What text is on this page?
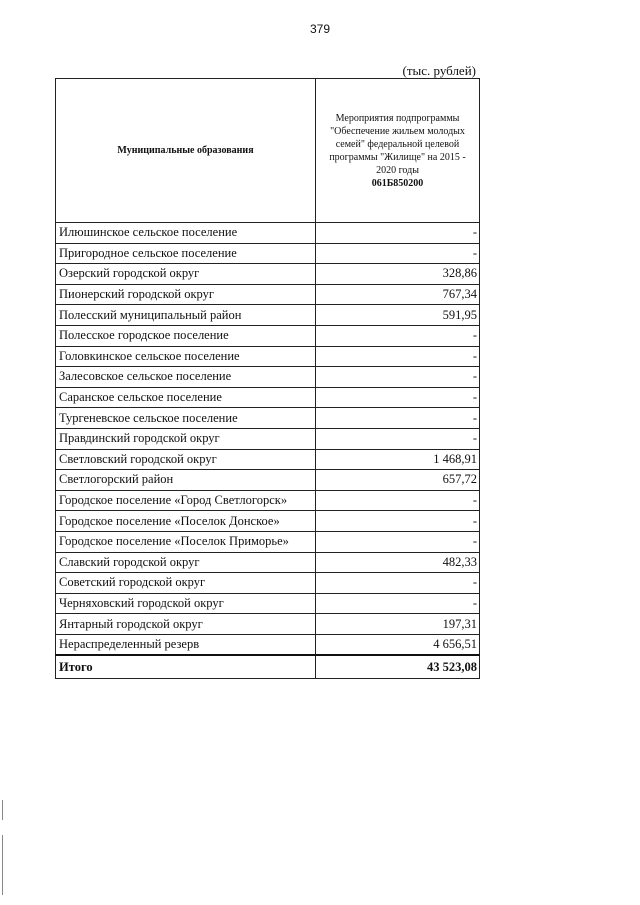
379
(тыс. рублей)
Муниципальные образования	Мероприятия подпрограммы "Обеспечение жильем молодых семей" федеральной целевой программы "Жилище" на 2015 - 2020 годы
061Б850200

Илюшинское сельское поселение	-
Пригородное сельское поселение	-
Озерский городской округ	328,86
Пионерский городской округ	767,34
Полесский муниципальный район	591,95
Полесское городское поселение	-
Головкинское сельское поселение	-
Залесовское сельское поселение	-
Саранское сельское поселение	-
Тургеневское сельское поселение	-
Правдинский городской округ	-
Светловский городской округ	1 468,91
Светлогорский район	657,72
Городское поселение «Город Светлогорск»	-
Городское поселение «Поселок Донское»	-
Городское поселение «Поселок Приморье»	-
Славский городской округ	482,33
Советский городской округ	-
Черняховский городской округ	-
Янтарный городской округ	197,31
Нераспределенный резерв	4 656,51
Итого	43 523,08
